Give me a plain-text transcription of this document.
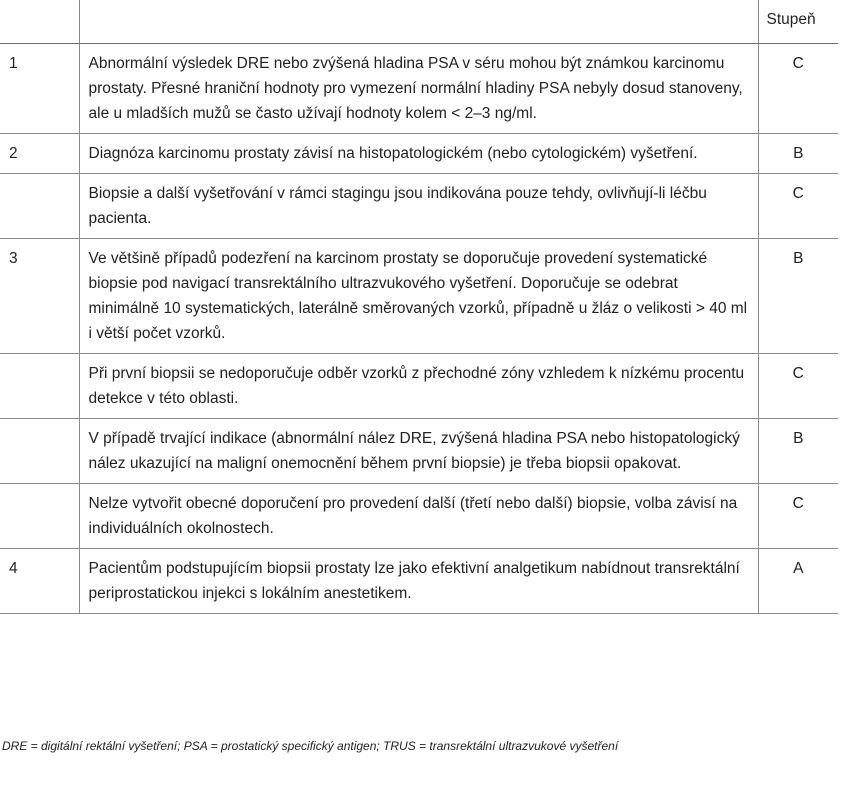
		Stupeň
1	Abnormální výsledek DRE nebo zvýšená hladina PSA v séru mohou být známkou karcinomu prostaty. Přesné hraniční hodnoty pro vymezení normální hladiny PSA nebyly dosud stanoveny, ale u mladších mužů se často užívají hodnoty kolem < 2–3 ng/ml.	C
2	Diagnóza karcinomu prostaty závisí na histopatologickém (nebo cytologickém) vyšetření.	B
	Biopsie a další vyšetřování v rámci stagingu jsou indikována pouze tehdy, ovlivňují-li léčbu pacienta.	C
3	Ve většině případů podezření na karcinom prostaty se doporučuje provedení systematické biopsie pod navigací transrektálního ultrazvukového vyšetření. Doporučuje se odebrat minimálně 10 systematických, laterálně směrovaných vzorků, případně u žláz o velikosti > 40 ml i větší počet vzorků.	B
	Při první biopsii se nedoporučuje odběr vzorků z přechodné zóny vzhledem k nízkému procentu detekce v této oblasti.	C
	V případě trvající indikace (abnormální nález DRE, zvýšená hladina PSA nebo histopatologický nález ukazující na maligní onemocnění během první biopsie) je třeba biopsii opakovat.	B
	Nelze vytvořit obecné doporučení pro provedení další (třetí nebo další) biopsie, volba závisí na individuálních okolnostech.	C
4	Pacientům podstupujícím biopsii prostaty lze jako efektivní analgetikum nabídnout transrektální periprostatickou injekci s lokálním anestetikem.	A
DRE = digitální rektální vyšetření; PSA = prostatický specifický antigen; TRUS = transrektální ultrazvukové vyšetření
